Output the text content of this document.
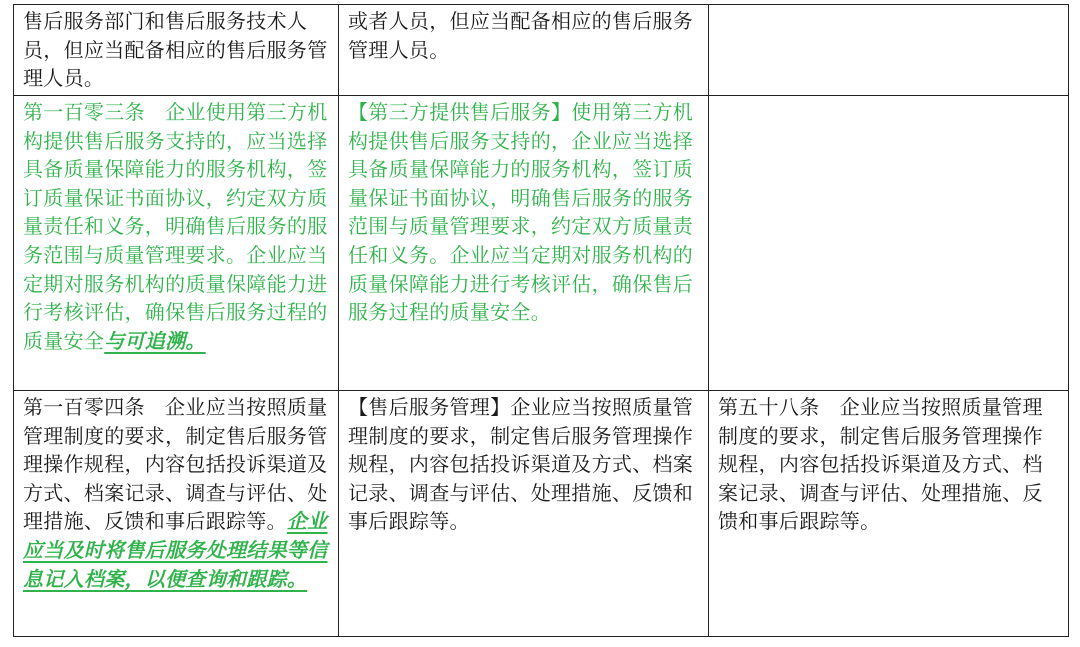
售后服务部门和售后服务技术人员，但应当配备相应的售后服务管理人员。	或者人员，但应当配备相应的售后服务管理人员。	
第一百零三条　企业使用第三方机构提供售后服务支持的，应当选择具备质量保障能力的服务机构，签订质量保证书面协议，约定双方质量责任和义务，明确售后服务的服务范围与质量管理要求。企业应当定期对服务机构的质量保障能力进行考核评估，确保售后服务过程的质量安全与可追溯。	【第三方提供售后服务】使用第三方机构提供售后服务支持的，企业应当选择具备质量保障能力的服务机构，签订质量保证书面协议，明确售后服务的服务范围与质量管理要求，约定双方质量责任和义务。企业应当定期对服务机构的质量保障能力进行考核评估，确保售后服务过程的质量安全。	
第一百零四条　企业应当按照质量管理制度的要求，制定售后服务管理操作规程，内容包括投诉渠道及方式、档案记录、调查与评估、处理措施、反馈和事后跟踪等。企业应当及时将售后服务处理结果等信息记入档案，以便查询和跟踪。	【售后服务管理】企业应当按照质量管理制度的要求，制定售后服务管理操作规程，内容包括投诉渠道及方式、档案记录、调查与评估、处理措施、反馈和事后跟踪等。	第五十八条　企业应当按照质量管理制度的要求，制定售后服务管理操作规程，内容包括投诉渠道及方式、档案记录、调查与评估、处理措施、反馈和事后跟踪等。
